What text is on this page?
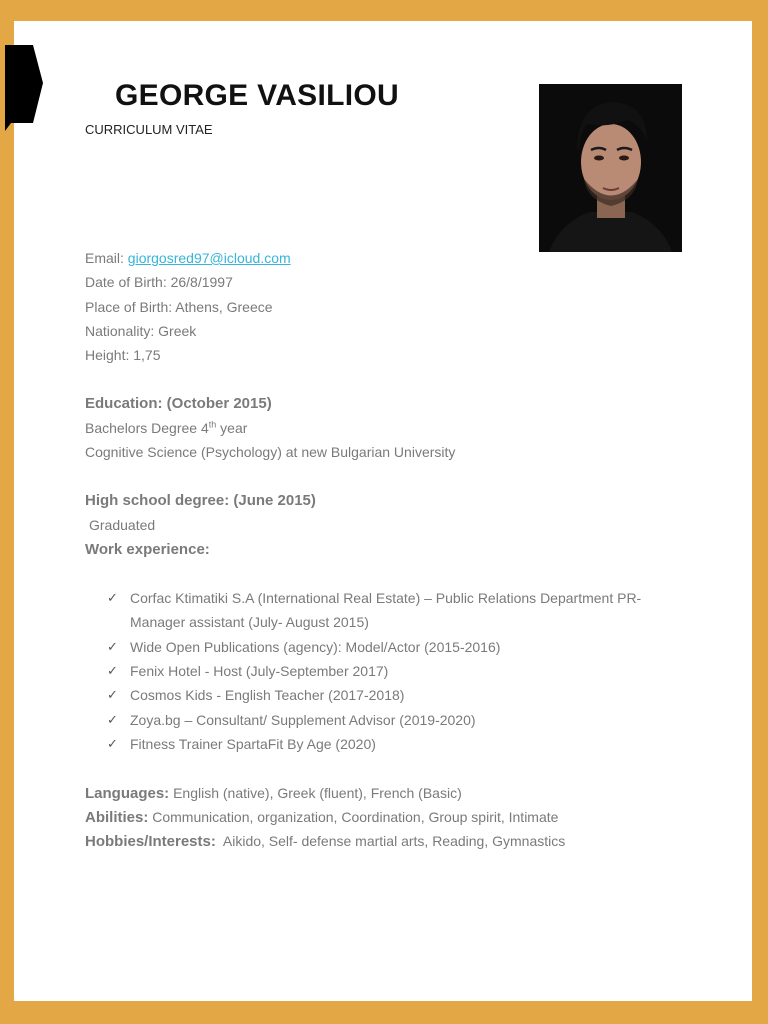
GEORGE VASILIOU
CURRICULUM VITAE
Email: giorgosred97@icloud.com
Date of Birth: 26/8/1997
Place of Birth: Athens, Greece
Nationality: Greek
Height: 1,75
Education: (October 2015)
Bachelors Degree 4th year
Cognitive Science (Psychology) at new Bulgarian University
High school degree: (June 2015)
Graduated
Work experience:
✓ Corfac Ktimatiki S.A (International Real Estate) – Public Relations Department PR-
Manager assistant (July- August 2015)
✓ Wide Open Publications (agency): Model/Actor (2015-2016)
✓ Fenix Hotel - Host (July-September 2017)
✓ Cosmos Kids - English Teacher (2017-2018)
✓ Zoya.bg – Consultant/ Supplement Advisor (2019-2020)
✓ Fitness Trainer SpartaFit By Age (2020)
Languages: English (native), Greek (fluent), French (Basic)
Abilities: Communication, organization, Coordination, Group spirit, Intimate
Hobbies/Interests:  Aikido, Self- defense martial arts, Reading, Gymnastics
